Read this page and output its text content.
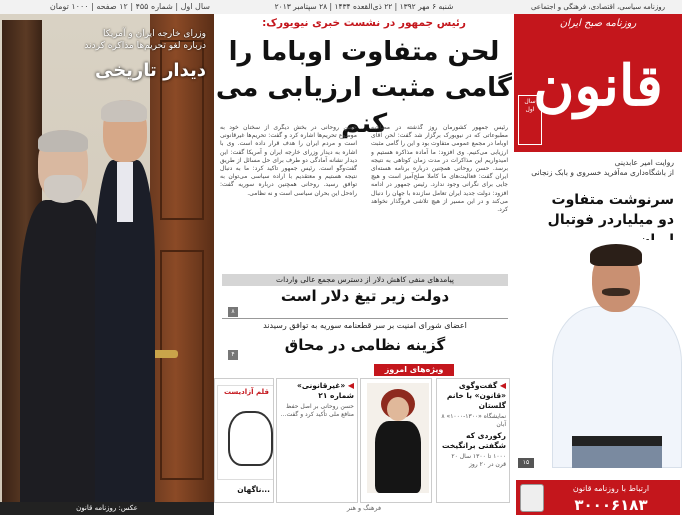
سال اول | شماره ۴۵۵ | ۱۲ صفحه | ۱۰۰۰ تومان
وزرای خارجه ایران و آمریکا
درباره لغو تحریم‌ها مذاکره کردند
دیدار تاریخی
عکس: روزنامه قانون
شنبه ۶ مهر ۱۳۹۲ | ۲۲ ذی‌القعده ۱۴۳۴ | ۲۸ سپتامبر ۲۰۱۳
رئیس جمهور در نشست خبری نیویورک:
لحن متفاوت اوباما را
گامی مثبت ارزیابی می کنم
رئیس جمهور کشورمان روز گذشته در مصاحبه مطبوعاتی که در نیویورک برگزار شد گفت: لحن آقای اوباما در مجمع عمومی متفاوت بود و این را گامی مثبت ارزیابی می‌کنیم. وی افزود: ما آماده مذاکره هستیم و امیدواریم این مذاکرات در مدت زمان کوتاهی به نتیجه برسد. حسن روحانی همچنین درباره برنامه هسته‌ای ایران گفت: فعالیت‌های ما کاملا صلح‌آمیز است و هیچ جایی برای نگرانی وجود ندارد. رئیس جمهور در ادامه افزود: دولت جدید ایران تعامل سازنده با جهان را دنبال می‌کند و در این مسیر از هیچ تلاشی فروگذار نخواهد کرد.
حسن روحانی در بخش دیگری از سخنان خود به موضوع تحریم‌ها اشاره کرد و گفت: تحریم‌ها غیرقانونی است و مردم ایران را هدف قرار داده است. وی با اشاره به دیدار وزرای خارجه ایران و آمریکا گفت: این دیدار نشانه آمادگی دو طرف برای حل مسائل از طریق گفت‌وگو است. رئیس جمهور تاکید کرد: ما به دنبال نتیجه هستیم و معتقدیم با اراده سیاسی می‌توان به توافق رسید. روحانی همچنین درباره سوریه گفت: راه‌حل این بحران سیاسی است و نه نظامی.
پیامدهای منفی کاهش دلار از دسترس مجمع عالی واردات
دولت زیر تیغ دلار است
۸
اعضای شورای امنیت بر سر قطعنامه سوریه به توافق رسیدند
گزینه نظامی در محاق
۴
ویژه‌های امروز
◀ گفت‌وگوی «قانون» با خانم گلستان
نمایشگاه «۱۳۰۰-۱۰۰۰» ۸ آبان
رکوردی که شگفتی برانگیخت
۱۰۰۰ تا ۱۳۰۰ سال ۲۰ قرن در ۲۰ روز
◀ «غیرقانونی» شماره ۲۱
حسن روحانی بر اصل حفظ منافع ملی تأکید کرد و گفت...
قلم آزادیست
...ناگهان
فرهنگ و هنر
روزنامه سیاسی، اقتصادی، فرهنگی و اجتماعی
روزنامه صبح ایران
قانون
سال اول
روایت امیر عابدینی
از باشگاه‌داری مه‌آفرید خسروی و بابک زنجانی
سرنوشت متفاوت
دو میلیاردر فوتبال
۱۵
ارتباط با روزنامه قانون
۳۰۰۰۶۱۸۳
